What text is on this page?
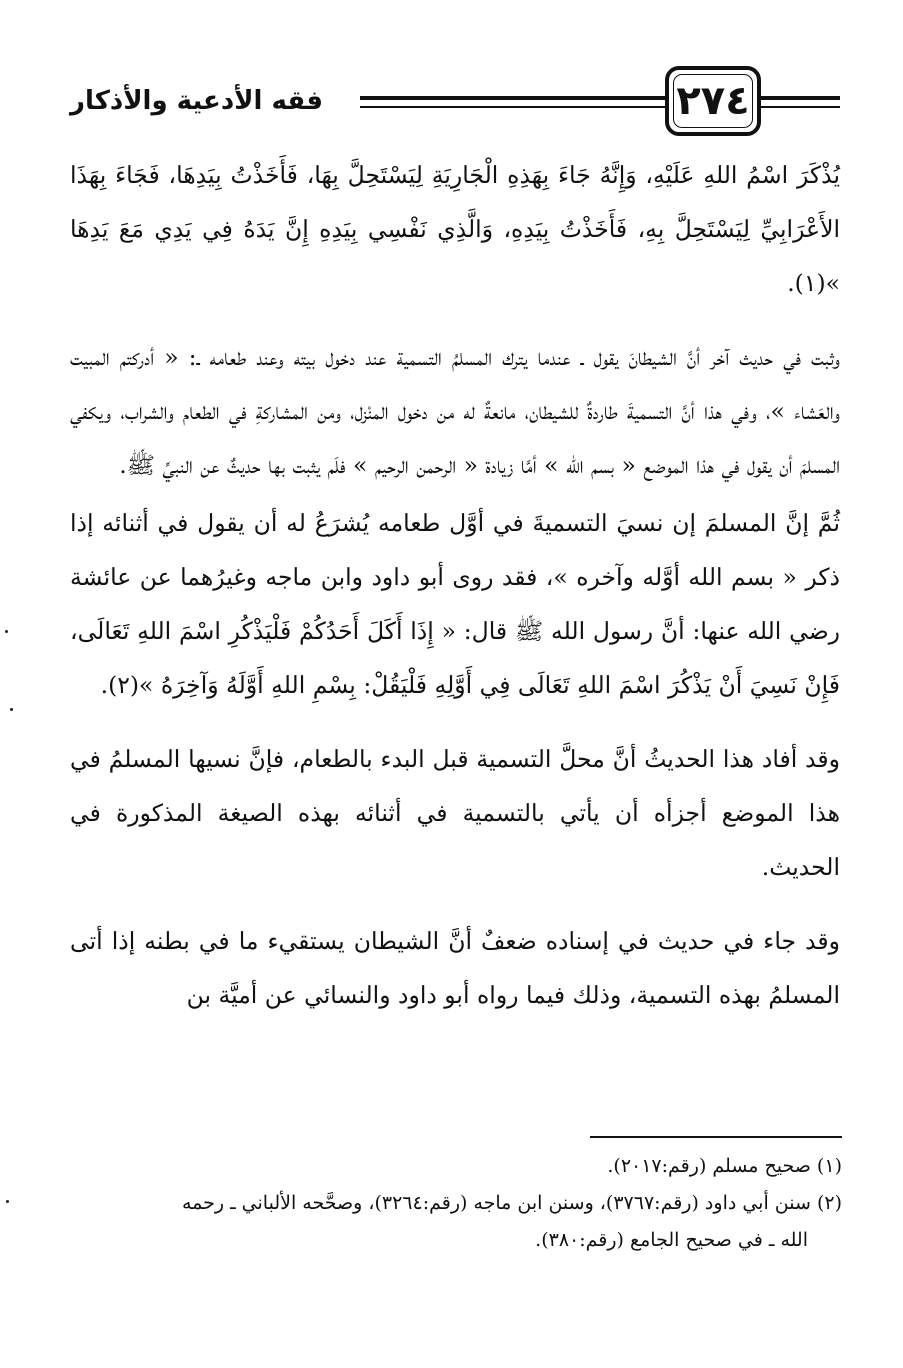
فقه الأدعية والأذكار	٢٧٤

يُذْكَرَ اسْمُ اللهِ عَلَيْهِ، وَإِنَّهُ جَاءَ بِهَذِهِ الْجَارِيَةِ لِيَسْتَحِلَّ بِهَا، فَأَخَذْتُ بِيَدِهَا، فَجَاءَ بِهَذَا الأَعْرَابِيِّ لِيَسْتَحِلَّ بِهِ، فَأَخَذْتُ بِيَدِهِ، وَالَّذِي نَفْسِي بِيَدِهِ إِنَّ يَدَهُ فِي يَدِي مَعَ يَدِهَا »(١).

وثبت في حديث آخر أنَّ الشيطانَ يقول ـ عندما يترك المسلمُ التسمية عند دخول بيته وعند طعامه ـ: « أدركتم المبيت والعَشاء »، وفي هذا أنَّ التسميةَ طاردةٌ للشيطان، مانعةٌ له من دخول المنْزل، ومن المشاركةِ في الطعام والشراب، ويكفي المسلمَ أن يقول في هذا الموضع « بسم الله » أمَّا زيادة « الرحمن الرحيم » فلَم يثبت بها حديثٌ عن النبيِّ ﷺ.

ثُمَّ إنَّ المسلمَ إن نسيَ التسميةَ في أوَّل طعامه يُشرَعُ له أن يقول في أثنائه إذا ذكر « بسم الله أوَّله وآخره »، فقد روى أبو داود وابن ماجه وغيرُهما عن عائشة رضي الله عنها: أنَّ رسول الله ﷺ قال: « إِذَا أَكَلَ أَحَدُكُمْ فَلْيَذْكُرِ اسْمَ اللهِ تَعَالَى، فَإِنْ نَسِيَ أَنْ يَذْكُرَ اسْمَ اللهِ تَعَالَى فِي أَوَّلِهِ فَلْيَقُلْ: بِسْمِ اللهِ أَوَّلَهُ وَآخِرَهُ »(٢).

وقد أفاد هذا الحديثُ أنَّ محلَّ التسمية قبل البدء بالطعام، فإنَّ نسيها المسلمُ في هذا الموضع أجزأه أن يأتي بالتسمية في أثنائه بهذه الصيغة المذكورة في الحديث.

وقد جاء في حديث في إسناده ضعفٌ أنَّ الشيطان يستقيء ما في بطنه إذا أتى المسلمُ بهذه التسمية، وذلك فيما رواه أبو داود والنسائي عن أميَّة بن

(١) صحيح مسلم (رقم:٢٠١٧).

(٢) سنن أبي داود (رقم:٣٧٦٧)، وسنن ابن ماجه (رقم:٣٢٦٤)، وصحَّحه الألباني ـ رحمه

الله ـ في صحيح الجامع (رقم:٣٨٠).
